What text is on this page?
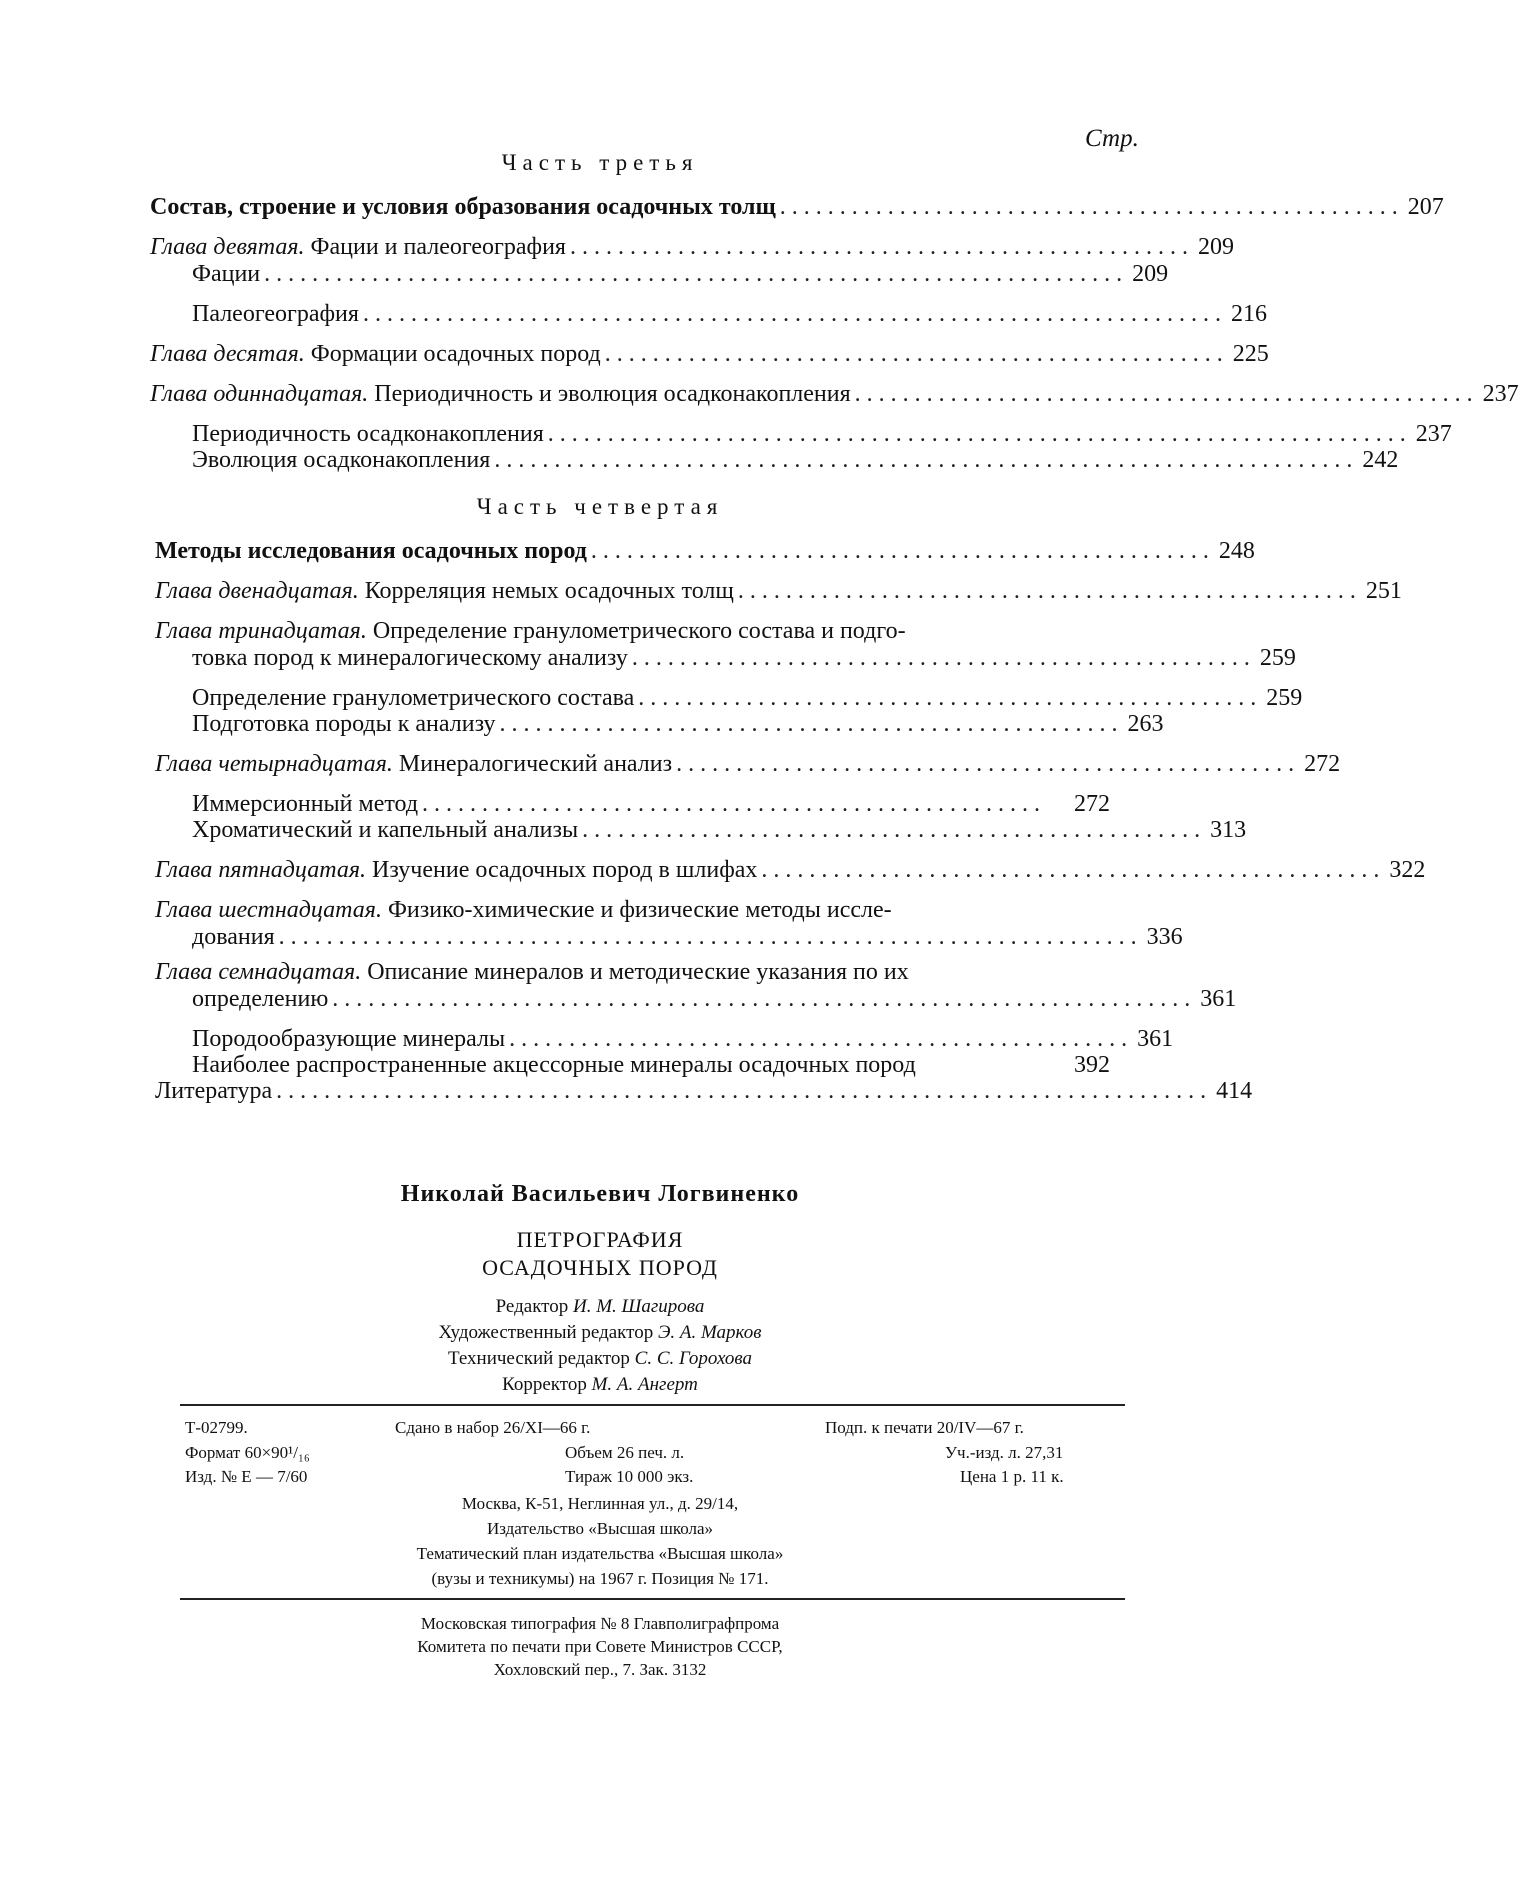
Стр.
Часть третья
Состав, строение и условия образования осадочных толщ .................................................... 207
Глава девятая. Фации и палеогеография .................................................... 209
Фации ........................................................................ 209
Палеогеография ........................................................................ 216
Глава десятая. Формации осадочных пород .................................................... 225
Глава одиннадцатая. Периодичность и эволюция осадконакопления .................................................... 237
Периодичность осадконакопления ........................................................................ 237
Эволюция осадконакопления ........................................................................ 242
Часть четвертая
Методы исследования осадочных пород .................................................... 248
Глава двенадцатая. Корреляция немых осадочных толщ .................................................... 251
Глава тринадцатая. Определение гранулометрического состава и подго-
товка пород к минералогическому анализу .................................................... 259
Определение гранулометрического состава .................................................... 259
Подготовка породы к анализу .................................................... 263
Глава четырнадцатая. Минералогический анализ .................................................... 272
Иммерсионный метод ....................................................	272
Хроматический и капельный анализы .................................................... 313
Глава пятнадцатая. Изучение осадочных пород в шлифах .................................................... 322
Глава шестнадцатая. Физико-химические и физические методы иссле-
дования ........................................................................ 336
Глава семнадцатая. Описание минералов и методические указания по их
определению ........................................................................ 361
Породообразующие минералы .................................................... 361
Наиболее распространенные акцессорные минералы осадочных пород	392
Литература .............................................................................. 414
Николай Васильевич Логвиненко
ПЕТРОГРАФИЯ
ОСАДОЧНЫХ ПОРОД
Редактор И. М. Шагирова
Художественный редактор Э. А. Марков
Технический редактор С. С. Горохова
Корректор М. А. Ангерт
Т-02799.	Сдано в набор 26/XI—66 г.	Подп. к печати 20/IV—67 г.
Формат 60×90¹/₁₆	Объем 26 печ. л.	Уч.-изд. л. 27,31
Изд. № Е — 7/60	Тираж 10 000 экз.	Цена 1 р. 11 к.
Москва, К-51, Неглинная ул., д. 29/14,
Издательство «Высшая школа»
Тематический план издательства «Высшая школа»
(вузы и техникумы) на 1967 г. Позиция № 171.
Московская типография № 8 Главполиграфпрома
Комитета по печати при Совете Министров СССР,
Хохловский пер., 7. Зак. 3132
